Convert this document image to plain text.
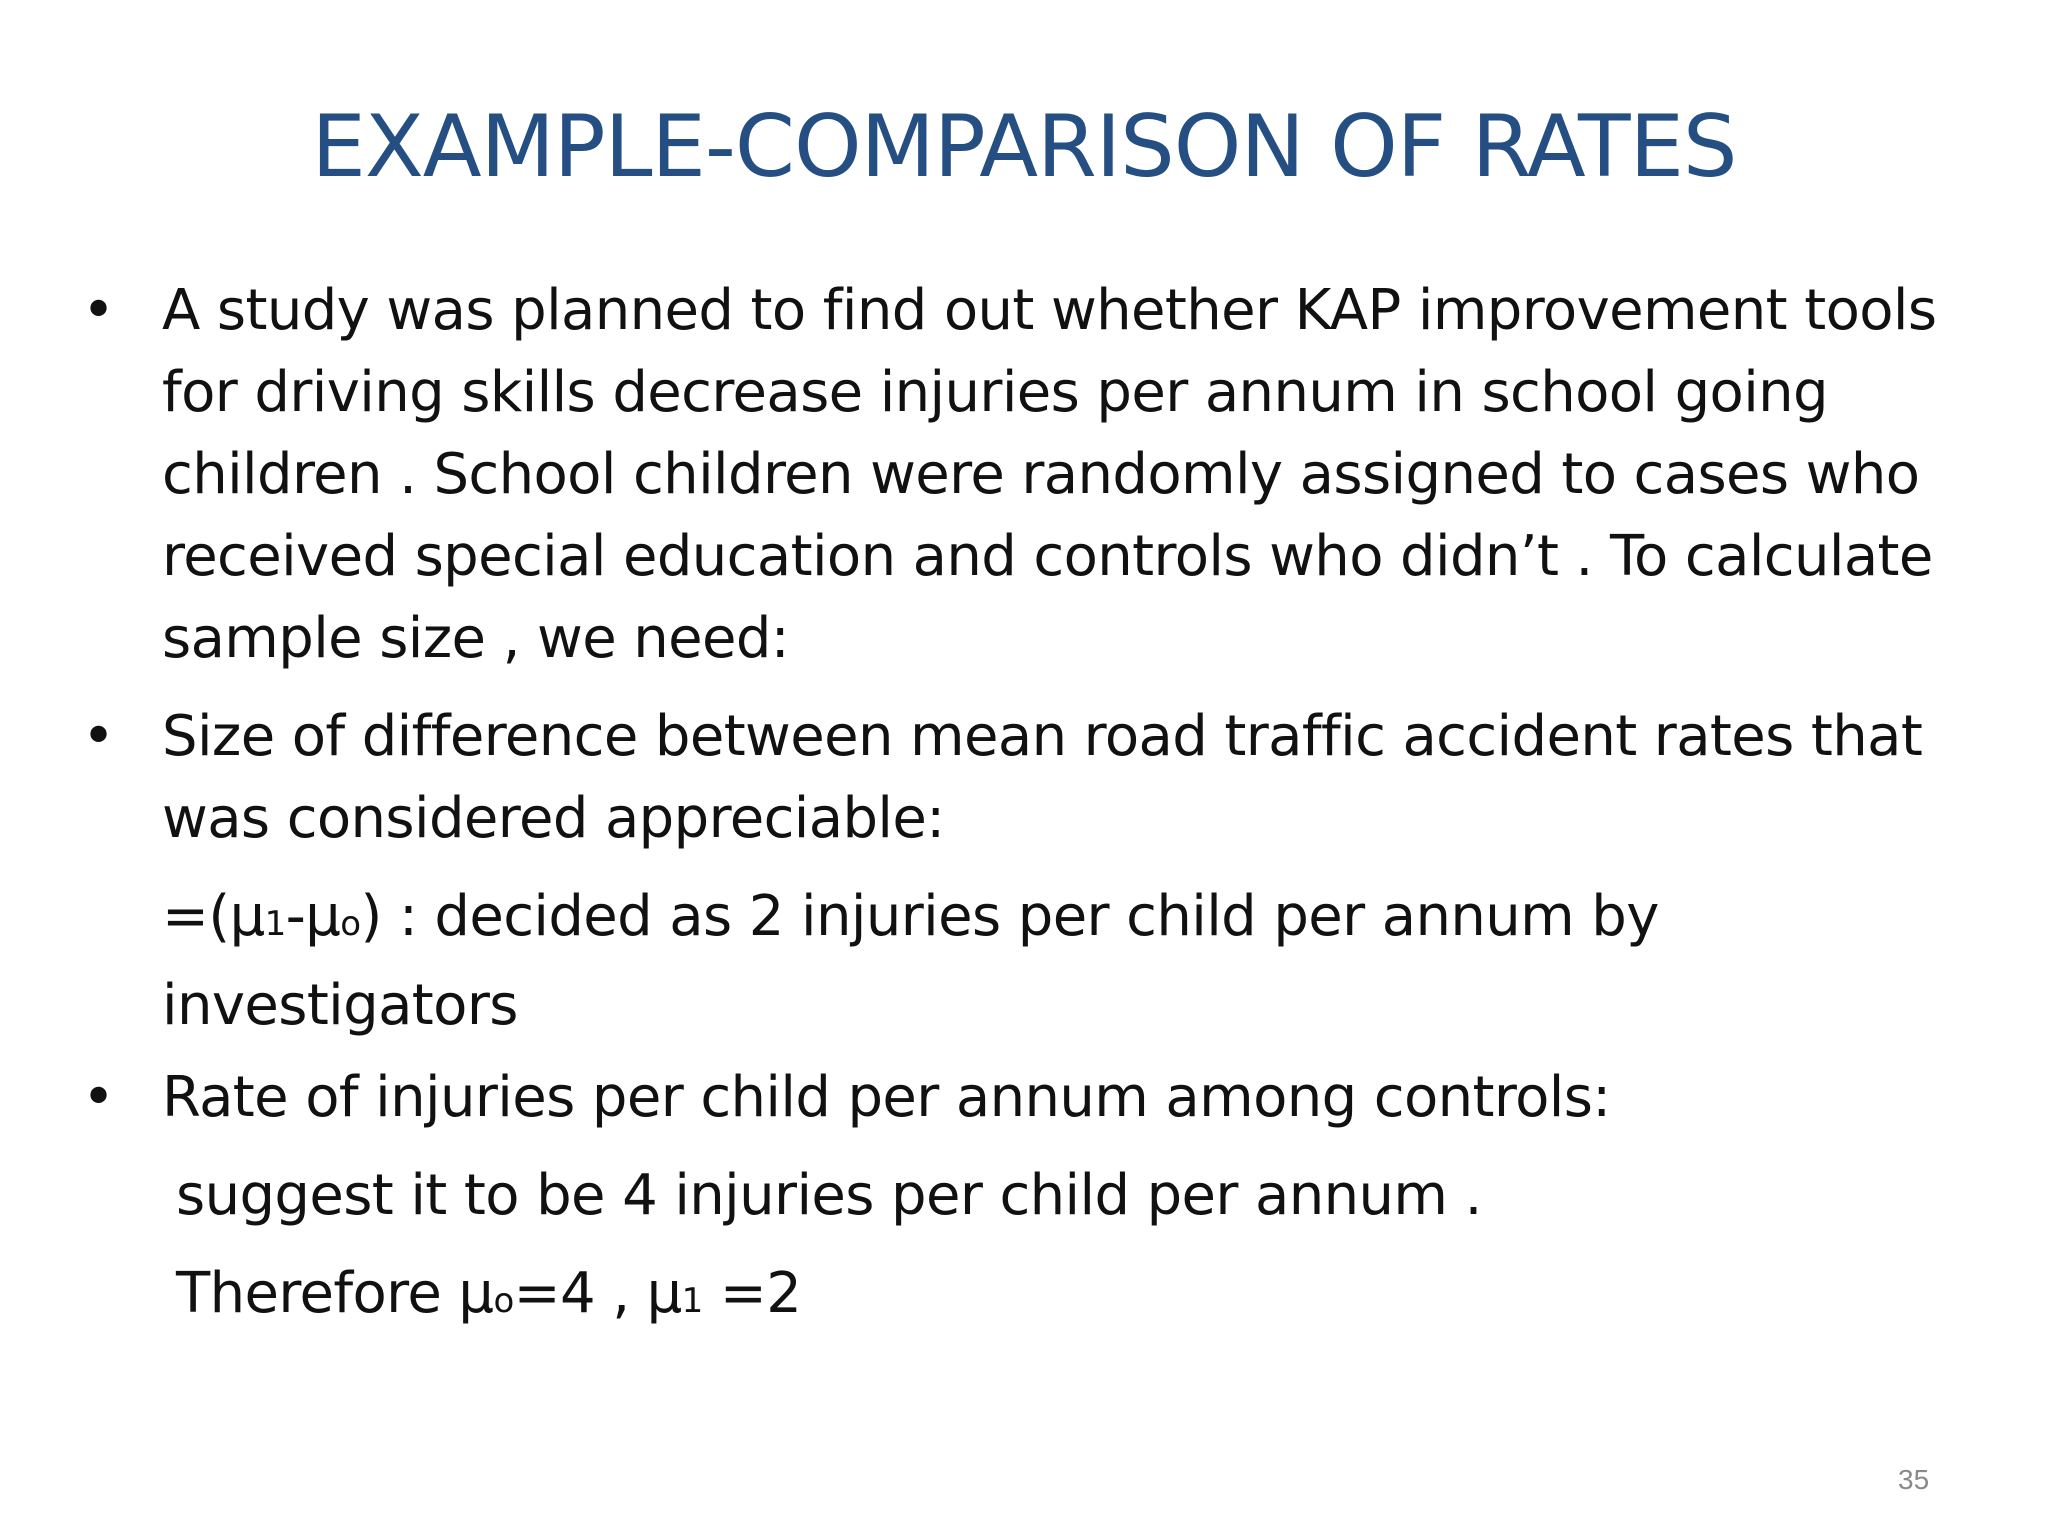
EXAMPLE-COMPARISON OF RATES
• A study was planned to find out whether KAP improvement tools
for driving skills decrease injuries per annum in school going
children . School children were randomly assigned to cases who
received special education and controls who didn’t . To calculate
sample size , we need:
• Size of difference between mean road traffic accident rates that
was considered appreciable:
=(μ1-μo) : decided as 2 injuries per child per annum by
investigators
• Rate of injuries per child per annum among controls:
suggest it to be 4 injuries per child per annum .
Therefore μo=4 , μ1 =2
35
